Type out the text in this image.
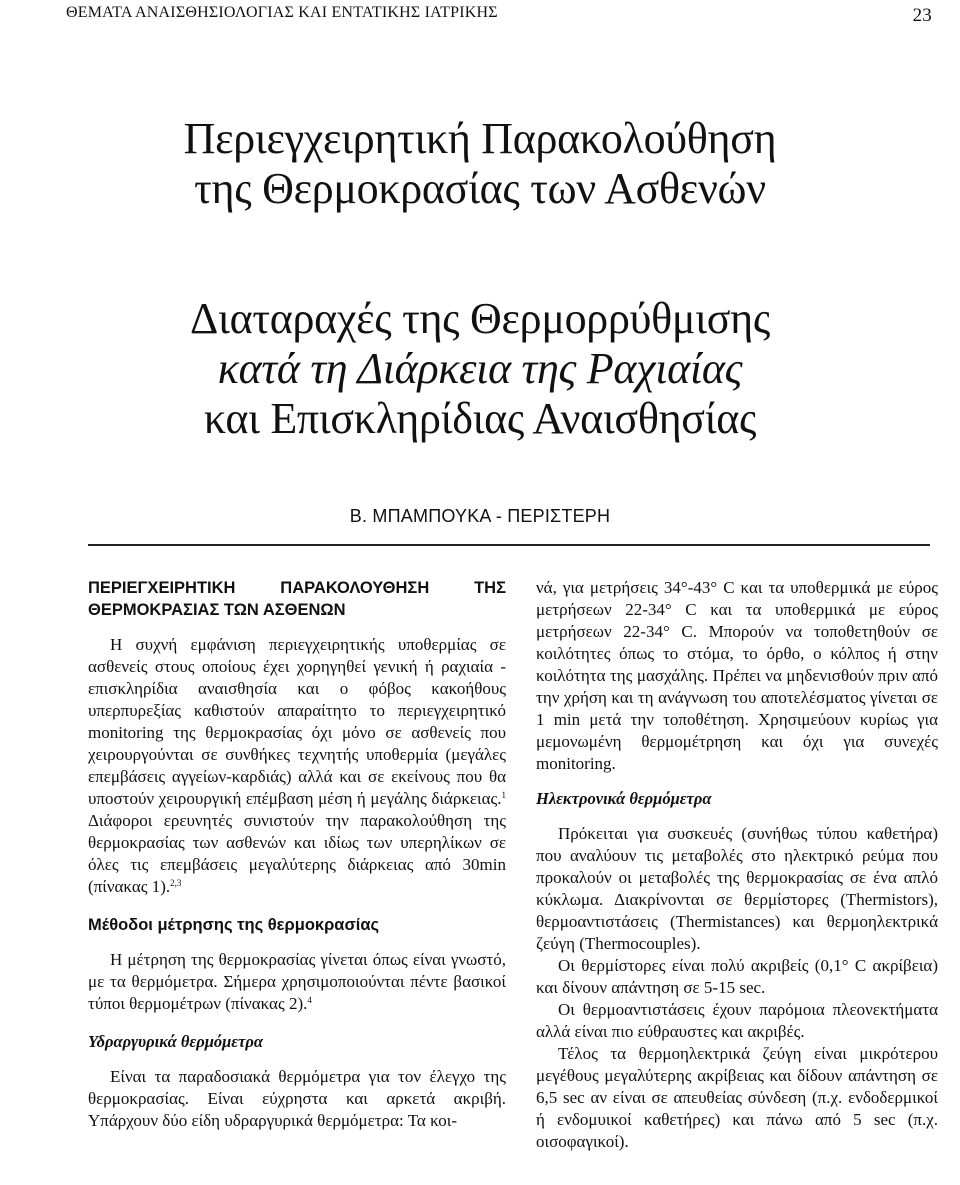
ΘΕΜΑΤΑ ΑΝΑΙΣΘΗΣΙΟΛΟΓΙΑΣ ΚΑΙ ΕΝΤΑΤΙΚΗΣ ΙΑΤΡΙΚΗΣ	23
Περιεγχειρητική Παρακολούθηση
της Θερμοκρασίας των Ασθενών
Διαταραχές της Θερμορρύθμισης
κατά τη Διάρκεια της Ραχιαίας
και Επισκληρίδιας Αναισθησίας
Β. ΜΠΑΜΠΟΥΚΑ - ΠΕΡΙΣΤΕΡΗ

ΠΕΡΙΕΓΧΕΙΡΗΤΙΚΗ ΠΑΡΑΚΟΛΟΥΘΗΣΗ ΤΗΣ ΘΕΡΜΟΚΡΑΣΙΑΣ ΤΩΝ ΑΣΘΕΝΩΝ

Η συχνή εμφάνιση περιεγχειρητικής υποθερμίας σε ασθενείς στους οποίους έχει χορηγηθεί γενική ή ραχιαία - επισκληρίδια αναισθησία και ο φόβος κακοήθους υπερπυρεξίας καθιστούν απαραίτητο το περιεγχειρητικό monitoring της θερμοκρασίας όχι μόνο σε ασθενείς που χειρουργούνται σε συνθήκες τεχνητής υποθερμία (μεγάλες επεμβάσεις αγγείων-καρδιάς) αλλά και σε εκείνους που θα υποστούν χειρουργική επέμβαση μέση ή μεγάλης διάρκειας.$^1$ Διάφοροι ερευνητές συνιστούν την παρακολούθηση της θερμοκρασίας των ασθενών και ιδίως των υπερηλίκων σε όλες τις επεμβάσεις μεγαλύτερης διάρκειας από 30min (πίνακας 1).$^{2,3}$

Μέθοδοι μέτρησης της θερμοκρασίας

Η μέτρηση της θερμοκρασίας γίνεται όπως είναι γνωστό, με τα θερμόμετρα. Σήμερα χρησιμοποιούνται πέντε βασικοί τύποι θερμομέτρων (πίνακας 2).$^4$

Υδραργυρικά θερμόμετρα

Είναι τα παραδοσιακά θερμόμετρα για τον έλεγχο της θερμοκρασίας. Είναι εύχρηστα και αρκετά ακριβή. Υπάρχουν δύο είδη υδραργυρικά θερμόμετρα: Τα κοι-

νά, για μετρήσεις 34°-43° C και τα υποθερμικά με εύρος μετρήσεων 22-34° C και τα υποθερμικά με εύρος μετρήσεων 22-34° C. Μπορούν να τοποθετηθούν σε κοιλότητες όπως το στόμα, το όρθο, ο κόλπος ή στην κοιλότητα της μασχάλης. Πρέπει να μηδενισθούν πριν από την χρήση και τη ανάγνωση του αποτελέσματος γίνεται σε 1 min μετά την τοποθέτηση. Χρησιμεύουν κυρίως για μεμονωμένη θερμομέτρηση και όχι για συνεχές monitoring.

Ηλεκτρονικά θερμόμετρα

Πρόκειται για συσκευές (συνήθως τύπου καθετήρα) που αναλύουν τις μεταβολές στο ηλεκτρικό ρεύμα που προκαλούν οι μεταβολές της θερμοκρασίας σε ένα απλό κύκλωμα. Διακρίνονται σε θερμίστορες (Thermistors), θερμοαντιστάσεις (Thermistances) και θερμοηλεκτρικά ζεύγη (Thermocouples).

Οι θερμίστορες είναι πολύ ακριβείς (0,1° C ακρίβεια) και δίνουν απάντηση σε 5-15 sec.

Οι θερμοαντιστάσεις έχουν παρόμοια πλεονεκτήματα αλλά είναι πιο εύθραυστες και ακριβές.

Τέλος τα θερμοηλεκτρικά ζεύγη είναι μικρότερου μεγέθους μεγαλύτερης ακρίβειας και δίδουν απάντηση σε 6,5 sec αν είναι σε απευθείας σύνδεση (π.χ. ενδοδερμικοί ή ενδομυικοί καθετήρες) και πάνω από 5 sec (π.χ. οισοφαγικοί).
